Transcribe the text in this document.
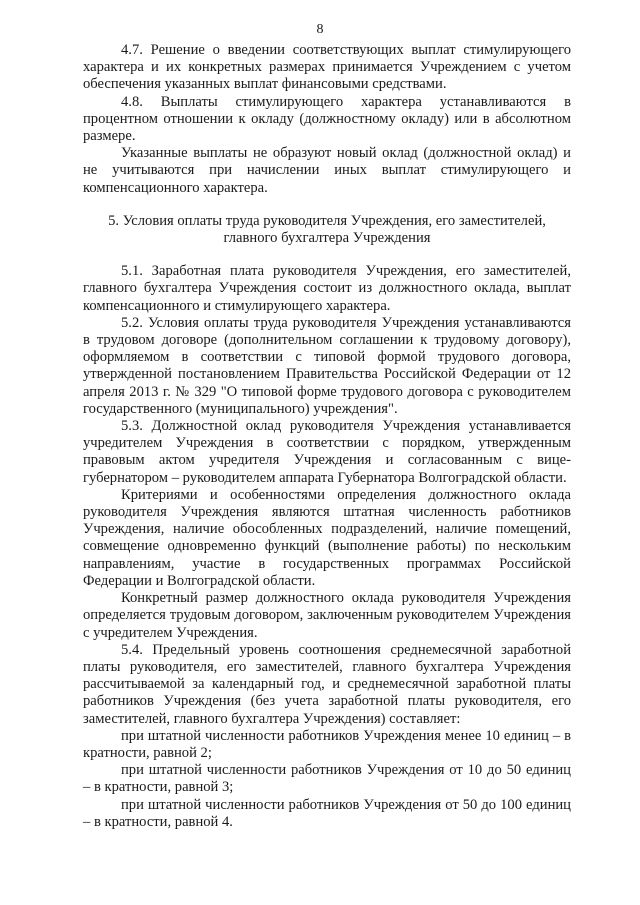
8

4.7. Решение о введении соответствующих выплат стимулирующего характера и их конкретных размерах принимается Учреждением с учетом обеспечения указанных выплат финансовыми средствами.

4.8. Выплаты стимулирующего характера устанавливаются в процентном отношении к окладу (должностному окладу) или в абсолютном размере.

Указанные выплаты не образуют новый оклад (должностной оклад) и не учитываются при начислении иных выплат стимулирующего и компенсационного характера.

5. Условия оплаты труда руководителя Учреждения, его заместителей,
главного бухгалтера Учреждения

5.1. Заработная плата руководителя Учреждения, его заместителей, главного бухгалтера Учреждения состоит из должностного оклада, выплат компенсационного и стимулирующего характера.

5.2. Условия оплаты труда руководителя Учреждения устанавливаются в трудовом договоре (дополнительном соглашении к трудовому договору), оформляемом в соответствии с типовой формой трудового договора, утвержденной постановлением Правительства Российской Федерации от 12 апреля 2013 г. № 329 "О типовой форме трудового договора с руководителем государственного (муниципального) учреждения".

5.3. Должностной оклад руководителя Учреждения устанавливается учредителем Учреждения в соответствии с порядком, утвержденным правовым актом учредителя Учреждения и согласованным с вице-губернатором – руководителем аппарата Губернатора Волгоградской области.

Критериями и особенностями определения должностного оклада руководителя Учреждения являются штатная численность работников Учреждения, наличие обособленных подразделений, наличие помещений, совмещение одновременно функций (выполнение работы) по нескольким направлениям, участие в государственных программах Российской Федерации и Волгоградской области.

Конкретный размер должностного оклада руководителя Учреждения определяется трудовым договором, заключенным руководителем Учреждения с учредителем Учреждения.

5.4. Предельный уровень соотношения среднемесячной заработной платы руководителя, его заместителей, главного бухгалтера Учреждения рассчитываемой за календарный год, и среднемесячной заработной платы работников Учреждения (без учета заработной платы руководителя, его заместителей, главного бухгалтера Учреждения) составляет:

при штатной численности работников Учреждения менее 10 единиц – в кратности, равной 2;

при штатной численности работников Учреждения от 10 до 50 единиц – в кратности, равной 3;

при штатной численности работников Учреждения от 50 до 100 единиц – в кратности, равной 4.
